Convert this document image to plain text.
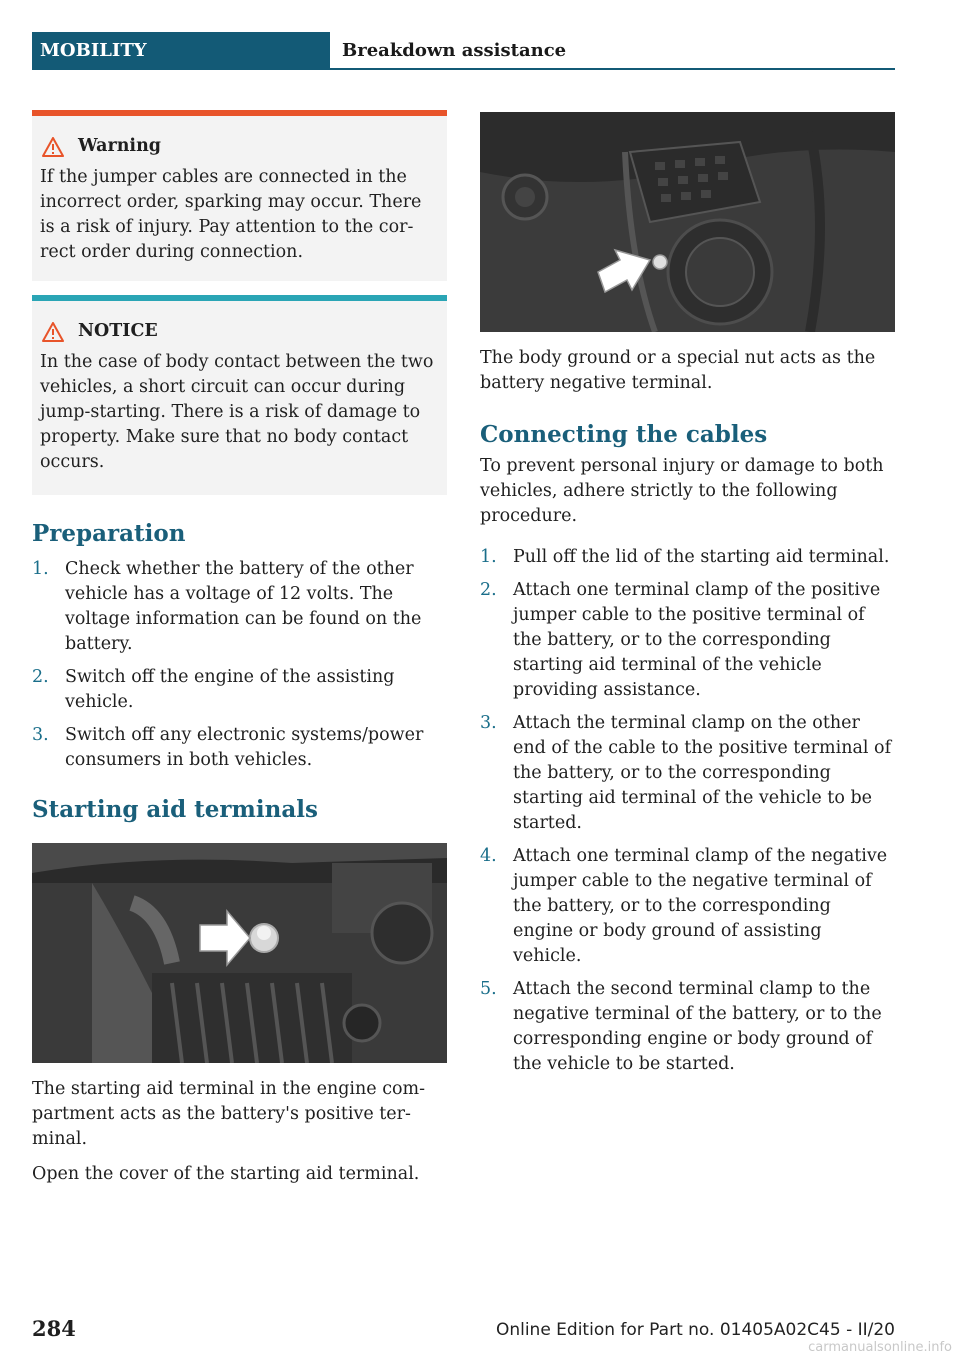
MOBILITY	Breakdown assistance
Warning

If the jumper cables are connected in the incorrect order, sparking may occur. There is a risk of injury. Pay attention to the correct order during connection.

NOTICE

In the case of body contact between the two vehicles, a short circuit can occur during jump-starting. There is a risk of damage to property. Make sure that no body contact occurs.

Preparation
1. Check whether the battery of the other vehicle has a voltage of 12 volts. The voltage information can be found on the battery.
2. Switch off the engine of the assisting vehicle.
3. Switch off any electronic systems/power consumers in both vehicles.
Starting aid terminals

The starting aid terminal in the engine compartment acts as the battery's positive terminal.

Open the cover of the starting aid terminal.

The body ground or a special nut acts as the battery negative terminal.

Connecting the cables

To prevent personal injury or damage to both vehicles, adhere strictly to the following procedure.

1. Pull off the lid of the starting aid terminal.
2. Attach one terminal clamp of the positive jumper cable to the positive terminal of the battery, or to the corresponding starting aid terminal of the vehicle providing assistance.
3. Attach the terminal clamp on the other end of the cable to the positive terminal of the battery, or to the corresponding starting aid terminal of the vehicle to be started.
4. Attach one terminal clamp of the negative jumper cable to the negative terminal of the battery, or to the corresponding engine or body ground of assisting vehicle.
5. Attach the second terminal clamp to the negative terminal of the battery, or to the corresponding engine or body ground of the vehicle to be started.
284	Online Edition for Part no. 01405A02C45 - II/20
carmanualsonline.info
